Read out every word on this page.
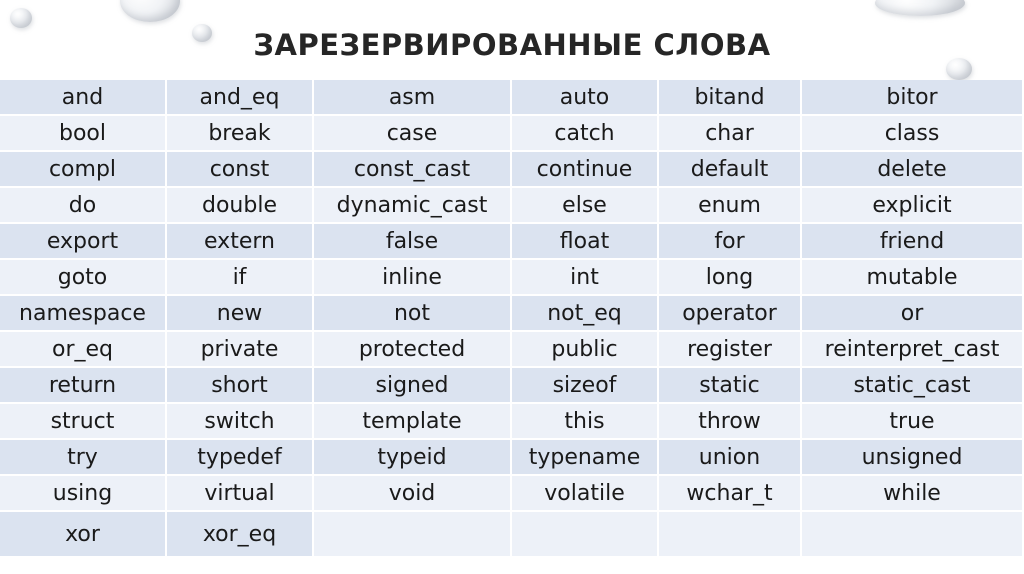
ЗАРЕЗЕРВИРОВАННЫЕ СЛОВА
and	and_eq	asm	auto	bitand	bitor
bool	break	case	catch	char	class
compl	const	const_cast	continue	default	delete
do	double	dynamic_cast	else	enum	explicit
export	extern	false	float	for	friend
goto	if	inline	int	long	mutable
namespace	new	not	not_eq	operator	or
or_eq	private	protected	public	register	reinterpret_cast
return	short	signed	sizeof	static	static_cast
struct	switch	template	this	throw	true
try	typedef	typeid	typename	union	unsigned
using	virtual	void	volatile	wchar_t	while
xor	xor_eq
